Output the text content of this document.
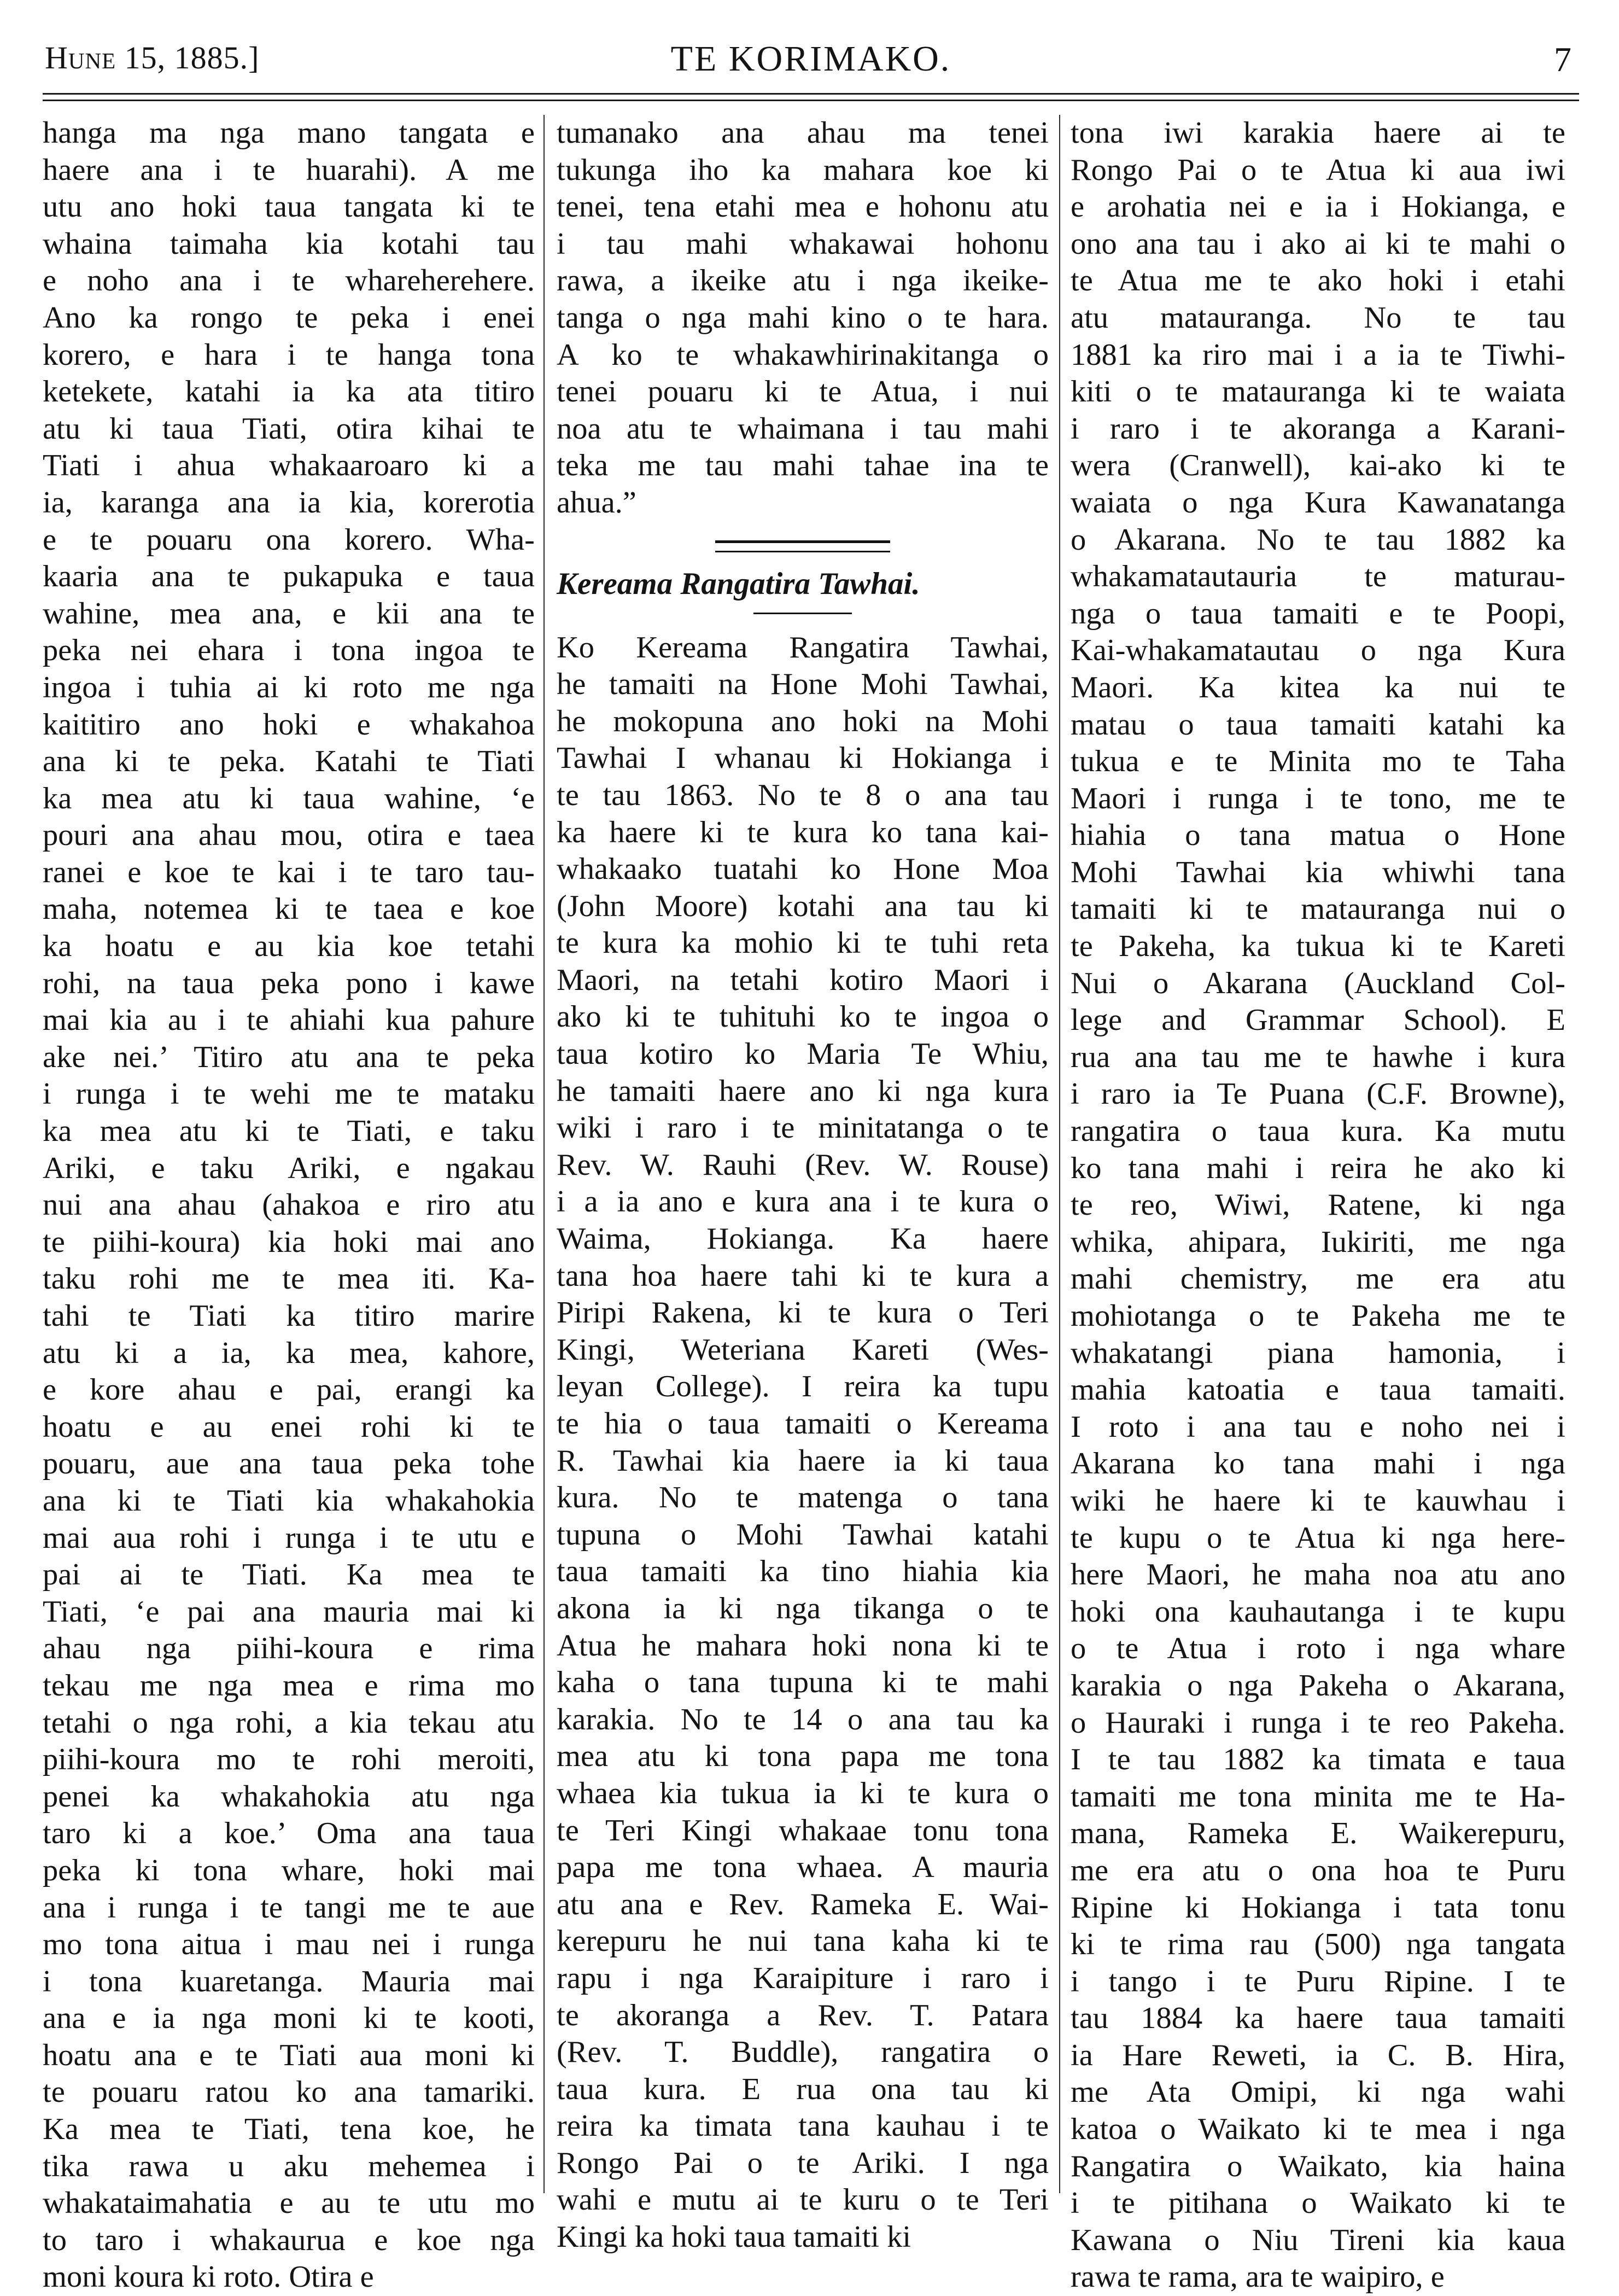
Hune 15, 1885.]	TE KORIMAKO.	7
hanga ma nga mano tangata e
haere ana i te huarahi). A me
utu ano hoki taua tangata ki te
whaina taimaha kia kotahi tau
e noho ana i te whareherehere.
Ano ka rongo te peka i enei
korero, e hara i te hanga tona
ketekete, katahi ia ka ata titiro
atu ki taua Tiati, otira kihai te
Tiati i ahua whakaaroaro ki a
ia, karanga ana ia kia, korerotia
e te pouaru ona korero. Wha-
kaaria ana te pukapuka e taua
wahine, mea ana, e kii ana te
peka nei ehara i tona ingoa te
ingoa i tuhia ai ki roto me nga
kaititiro ano hoki e whakahoa
ana ki te peka. Katahi te Tiati
ka mea atu ki taua wahine, ‘e
pouri ana ahau mou, otira e taea
ranei e koe te kai i te taro tau-
maha, notemea ki te taea e koe
ka hoatu e au kia koe tetahi
rohi, na taua peka pono i kawe
mai kia au i te ahiahi kua pahure
ake nei.’ Titiro atu ana te peka
i runga i te wehi me te mataku
ka mea atu ki te Tiati, e taku
Ariki, e taku Ariki, e ngakau
nui ana ahau (ahakoa e riro atu
te piihi-koura) kia hoki mai ano
taku rohi me te mea iti. Ka-
tahi te Tiati ka titiro marire
atu ki a ia, ka mea, kahore,
e kore ahau e pai, erangi ka
hoatu e au enei rohi ki te
pouaru, aue ana taua peka tohe
ana ki te Tiati kia whakahokia
mai aua rohi i runga i te utu e
pai ai te Tiati. Ka mea te
Tiati, ‘e pai ana mauria mai ki
ahau nga piihi-koura e rima
tekau me nga mea e rima mo
tetahi o nga rohi, a kia tekau atu
piihi-koura mo te rohi meroiti,
penei ka whakahokia atu nga
taro ki a koe.’ Oma ana taua
peka ki tona whare, hoki mai
ana i runga i te tangi me te aue
mo tona aitua i mau nei i runga
i tona kuaretanga. Mauria mai
ana e ia nga moni ki te kooti,
hoatu ana e te Tiati aua moni ki
te pouaru ratou ko ana tamariki.
Ka mea te Tiati, tena koe, he
tika rawa u aku mehemea i
whakataimahatia e au te utu mo
to taro i whakaurua e koe nga
moni koura ki roto. Otira e
tumanako ana ahau ma tenei
tukunga iho ka mahara koe ki
tenei, tena etahi mea e hohonu atu
i tau mahi whakawai hohonu
rawa, a ikeike atu i nga ikeike-
tanga o nga mahi kino o te hara.
A ko te whakawhirinakitanga o
tenei pouaru ki te Atua, i nui
noa atu te whaimana i tau mahi
teka me tau mahi tahae ina te
ahua.”
Kereama Rangatira Tawhai.
Ko Kereama Rangatira Tawhai,
he tamaiti na Hone Mohi Tawhai,
he mokopuna ano hoki na Mohi
Tawhai I whanau ki Hokianga i
te tau 1863. No te 8 o ana tau
ka haere ki te kura ko tana kai-
whakaako tuatahi ko Hone Moa
(John Moore) kotahi ana tau ki
te kura ka mohio ki te tuhi reta
Maori, na tetahi kotiro Maori i
ako ki te tuhituhi ko te ingoa o
taua kotiro ko Maria Te Whiu,
he tamaiti haere ano ki nga kura
wiki i raro i te minitatanga o te
Rev. W. Rauhi (Rev. W. Rouse)
i a ia ano e kura ana i te kura o
Waima, Hokianga. Ka haere
tana hoa haere tahi ki te kura a
Piripi Rakena, ki te kura o Teri
Kingi, Weteriana Kareti (Wes-
leyan College). I reira ka tupu
te hia o taua tamaiti o Kereama
R. Tawhai kia haere ia ki taua
kura. No te matenga o tana
tupuna o Mohi Tawhai katahi
taua tamaiti ka tino hiahia kia
akona ia ki nga tikanga o te
Atua he mahara hoki nona ki te
kaha o tana tupuna ki te mahi
karakia. No te 14 o ana tau ka
mea atu ki tona papa me tona
whaea kia tukua ia ki te kura o
te Teri Kingi whakaae tonu tona
papa me tona whaea. A mauria
atu ana e Rev. Rameka E. Wai-
kerepuru he nui tana kaha ki te
rapu i nga Karaipiture i raro i
te akoranga a Rev. T. Patara
(Rev. T. Buddle), rangatira o
taua kura. E rua ona tau ki
reira ka timata tana kauhau i te
Rongo Pai o te Ariki. I nga
wahi e mutu ai te kuru o te Teri
Kingi ka hoki taua tamaiti ki
tona iwi karakia haere ai te
Rongo Pai o te Atua ki aua iwi
e arohatia nei e ia i Hokianga, e
ono ana tau i ako ai ki te mahi o
te Atua me te ako hoki i etahi
atu matauranga. No te tau
1881 ka riro mai i a ia te Tiwhi-
kiti o te matauranga ki te waiata
i raro i te akoranga a Karani-
wera (Cranwell), kai-ako ki te
waiata o nga Kura Kawanatanga
o Akarana. No te tau 1882 ka
whakamatautauria te maturau-
nga o taua tamaiti e te Poopi,
Kai-whakamatautau o nga Kura
Maori. Ka kitea ka nui te
matau o taua tamaiti katahi ka
tukua e te Minita mo te Taha
Maori i runga i te tono, me te
hiahia o tana matua o Hone
Mohi Tawhai kia whiwhi tana
tamaiti ki te matauranga nui o
te Pakeha, ka tukua ki te Kareti
Nui o Akarana (Auckland Col-
lege and Grammar School). E
rua ana tau me te hawhe i kura
i raro ia Te Puana (C.F. Browne),
rangatira o taua kura. Ka mutu
ko tana mahi i reira he ako ki
te reo, Wiwi, Ratene, ki nga
whika, ahipara, Iukiriti, me nga
mahi chemistry, me era atu
mohiotanga o te Pakeha me te
whakatangi piana hamonia, i
mahia katoatia e taua tamaiti.
I roto i ana tau e noho nei i
Akarana ko tana mahi i nga
wiki he haere ki te kauwhau i
te kupu o te Atua ki nga here-
here Maori, he maha noa atu ano
hoki ona kauhautanga i te kupu
o te Atua i roto i nga whare
karakia o nga Pakeha o Akarana,
o Hauraki i runga i te reo Pakeha.
I te tau 1882 ka timata e taua
tamaiti me tona minita me te Ha-
mana, Rameka E. Waikerepuru,
me era atu o ona hoa te Puru
Ripine ki Hokianga i tata tonu
ki te rima rau (500) nga tangata
i tango i te Puru Ripine. I te
tau 1884 ka haere taua tamaiti
ia Hare Reweti, ia C. B. Hira,
me Ata Omipi, ki nga wahi
katoa o Waikato ki te mea i nga
Rangatira o Waikato, kia haina
i te pitihana o Waikato ki te
Kawana o Niu Tireni kia kaua
rawa te rama, ara te waipiro, e
